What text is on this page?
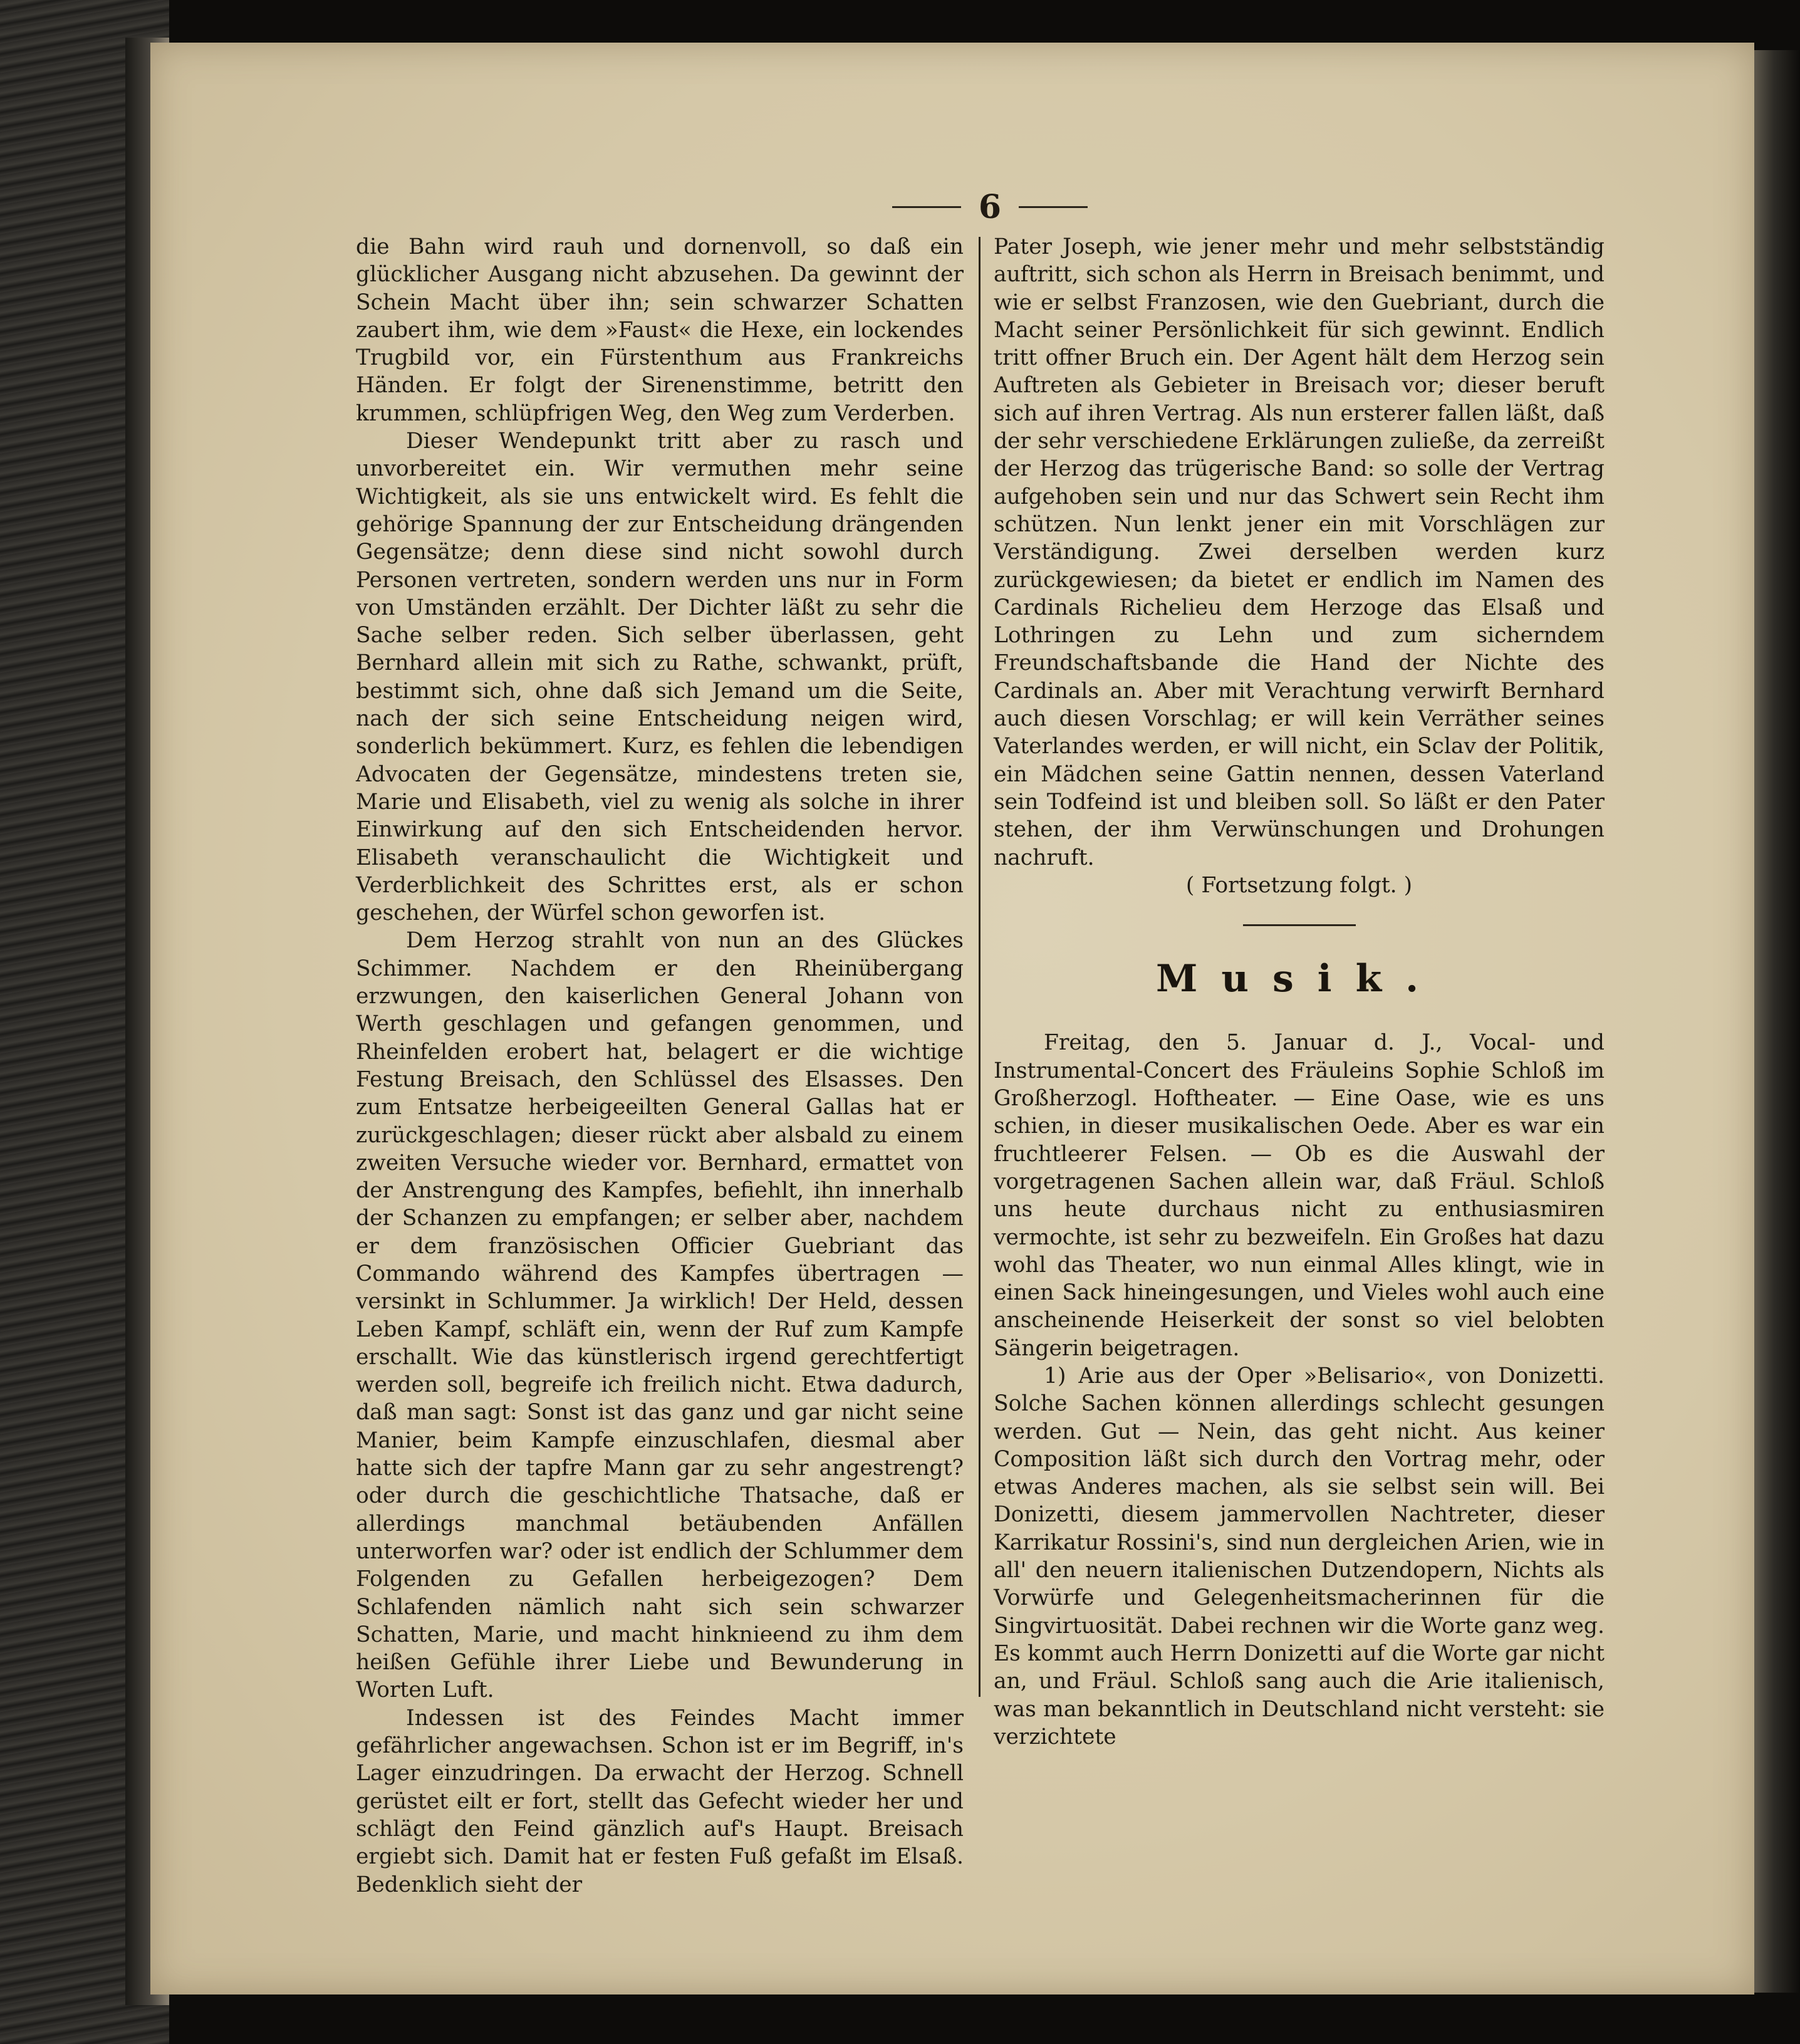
6

die Bahn wird rauh und dornenvoll, so daß ein glücklicher Ausgang nicht abzusehen. Da gewinnt der Schein Macht über ihn; sein schwarzer Schatten zaubert ihm, wie dem »Faust« die Hexe, ein lockendes Trugbild vor, ein Fürstenthum aus Frankreichs Händen. Er folgt der Sirenenstimme, betritt den krummen, schlüpfrigen Weg, den Weg zum Verderben.

Dieser Wendepunkt tritt aber zu rasch und unvorbereitet ein. Wir vermuthen mehr seine Wichtigkeit, als sie uns entwickelt wird. Es fehlt die gehörige Spannung der zur Entscheidung drängenden Gegensätze; denn diese sind nicht sowohl durch Personen vertreten, sondern werden uns nur in Form von Umständen erzählt. Der Dichter läßt zu sehr die Sache selber reden. Sich selber überlassen, geht Bernhard allein mit sich zu Rathe, schwankt, prüft, bestimmt sich, ohne daß sich Jemand um die Seite, nach der sich seine Entscheidung neigen wird, sonderlich bekümmert. Kurz, es fehlen die lebendigen Advocaten der Gegensätze, mindestens treten sie, Marie und Elisabeth, viel zu wenig als solche in ihrer Einwirkung auf den sich Entscheidenden hervor. Elisabeth veranschaulicht die Wichtigkeit und Verderblichkeit des Schrittes erst, als er schon geschehen, der Würfel schon geworfen ist.

Dem Herzog strahlt von nun an des Glückes Schimmer. Nachdem er den Rheinübergang erzwungen, den kaiserlichen General Johann von Werth geschlagen und gefangen genommen, und Rheinfelden erobert hat, belagert er die wichtige Festung Breisach, den Schlüssel des Elsasses. Den zum Entsatze herbeigeeilten General Gallas hat er zurückgeschlagen; dieser rückt aber alsbald zu einem zweiten Versuche wieder vor. Bernhard, ermattet von der Anstrengung des Kampfes, befiehlt, ihn innerhalb der Schanzen zu empfangen; er selber aber, nachdem er dem französischen Officier Guebriant das Commando während des Kampfes übertragen — versinkt in Schlummer. Ja wirklich! Der Held, dessen Leben Kampf, schläft ein, wenn der Ruf zum Kampfe erschallt. Wie das künstlerisch irgend gerechtfertigt werden soll, begreife ich freilich nicht. Etwa dadurch, daß man sagt: Sonst ist das ganz und gar nicht seine Manier, beim Kampfe einzuschlafen, diesmal aber hatte sich der tapfre Mann gar zu sehr angestrengt? oder durch die geschichtliche Thatsache, daß er allerdings manchmal betäubenden Anfällen unterworfen war? oder ist endlich der Schlummer dem Folgenden zu Gefallen herbeigezogen? Dem Schlafenden nämlich naht sich sein schwarzer Schatten, Marie, und macht hinknieend zu ihm dem heißen Gefühle ihrer Liebe und Bewunderung in Worten Luft.

Indessen ist des Feindes Macht immer gefährlicher angewachsen. Schon ist er im Begriff, in's Lager einzudringen. Da erwacht der Herzog. Schnell gerüstet eilt er fort, stellt das Gefecht wieder her und schlägt den Feind gänzlich auf's Haupt. Breisach ergiebt sich. Damit hat er festen Fuß gefaßt im Elsaß. Bedenklich sieht der

Pater Joseph, wie jener mehr und mehr selbstständig auftritt, sich schon als Herrn in Breisach benimmt, und wie er selbst Franzosen, wie den Guebriant, durch die Macht seiner Persönlichkeit für sich gewinnt. Endlich tritt offner Bruch ein. Der Agent hält dem Herzog sein Auftreten als Gebieter in Breisach vor; dieser beruft sich auf ihren Vertrag. Als nun ersterer fallen läßt, daß der sehr verschiedene Erklärungen zuließe, da zerreißt der Herzog das trügerische Band: so solle der Vertrag aufgehoben sein und nur das Schwert sein Recht ihm schützen. Nun lenkt jener ein mit Vorschlägen zur Verständigung. Zwei derselben werden kurz zurückgewiesen; da bietet er endlich im Namen des Cardinals Richelieu dem Herzoge das Elsaß und Lothringen zu Lehn und zum sicherndem Freundschaftsbande die Hand der Nichte des Cardinals an. Aber mit Verachtung verwirft Bernhard auch diesen Vorschlag; er will kein Verräther seines Vaterlandes werden, er will nicht, ein Sclav der Politik, ein Mädchen seine Gattin nennen, dessen Vaterland sein Todfeind ist und bleiben soll. So läßt er den Pater stehen, der ihm Verwünschungen und Drohungen nachruft.

( Fortsetzung folgt. )

Musik.

Freitag, den 5. Januar d. J., Vocal- und Instrumental-Concert des Fräuleins Sophie Schloß im Großherzogl. Hoftheater. — Eine Oase, wie es uns schien, in dieser musikalischen Oede. Aber es war ein fruchtleerer Felsen. — Ob es die Auswahl der vorgetragenen Sachen allein war, daß Fräul. Schloß uns heute durchaus nicht zu enthusiasmiren vermochte, ist sehr zu bezweifeln. Ein Großes hat dazu wohl das Theater, wo nun einmal Alles klingt, wie in einen Sack hineingesungen, und Vieles wohl auch eine anscheinende Heiserkeit der sonst so viel belobten Sängerin beigetragen.

1) Arie aus der Oper »Belisario«, von Donizetti. Solche Sachen können allerdings schlecht gesungen werden. Gut — Nein, das geht nicht. Aus keiner Composition läßt sich durch den Vortrag mehr, oder etwas Anderes machen, als sie selbst sein will. Bei Donizetti, diesem jammervollen Nachtreter, dieser Karrikatur Rossini's, sind nun dergleichen Arien, wie in all' den neuern italienischen Dutzendopern, Nichts als Vorwürfe und Gelegenheitsmacherinnen für die Singvirtuosität. Dabei rechnen wir die Worte ganz weg. Es kommt auch Herrn Donizetti auf die Worte gar nicht an, und Fräul. Schloß sang auch die Arie italienisch, was man bekanntlich in Deutschland nicht versteht: sie verzichtete
